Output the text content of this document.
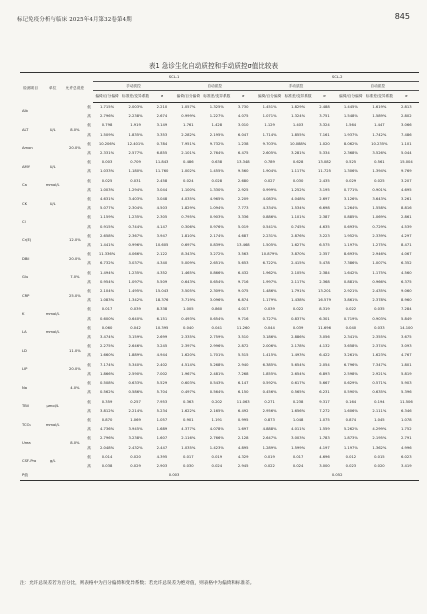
标记免疫分析与临床 2025年4月第32卷第4期	845
表1 急诊生化自动质控和手动质控σ值比较表
检测项目	单位	允许总误差		SCL-1						SCL-2					
				手动质控			自动质控			手动质控			自动质控		
				偏倚/百分偏倚	标准差/变异系数	σ	偏倚/百分偏倚	标准差/变异系数	σ	偏倚/百分偏倚	标准差/变异系数	σ	偏倚/百分偏倚	标准差/变异系数	σ
Alb			低	1.715%	2.003%	2.210	1.057%	1.325%	3.730	1.451%	1.829%	2.488	1.445%	1.619%	2.813
			高	2.796%	2.238%	2.674	0.999%	1.227%	4.075	1.071%	1.324%	3.751	1.548%	1.589%	2.802
ALT	U/L	8.0%	低	0.798	1.919	3.149	1.761	1.428	3.010	1.129	1.403	3.324	1.564	1.447	3.066
			高	1.509%	1.835%	3.353	2.282%	2.195%	6.047	1.714%	1.855%	7.161	1.937%	1.742%	7.486
Amon		20.0%	低	10.206%	12.401%	0.784	7.951%	9.732%	1.238	9.703%	10.088%	1.020	8.062%	10.235%	1.101
			高	2.331%	2.577%	6.855	2.101%	2.764%	6.475	2.605%	3.281%	5.334	2.368%	3.526%	5.044
AMY	U/L		低	0.003	0.709	11.843	0.486	0.638	13.348	0.789	0.628	13.082	0.525	0.561	15.004
			高	1.033%	1.180%	11.760	1.002%	1.455%	9.560	1.904%	1.117%	11.725	1.306%	1.394%	9.769
Ca	mmol/L		低	0.025	0.031	2.458	0.024	0.028	2.680	0.027	0.030	2.435	0.029	0.025	3.207
			高	1.003%	1.294%	3.044	1.100%	1.330%	2.925	0.999%	1.252%	3.195	0.771%	0.901%	4.695
CK	U/L		低	4.631%	3.403%	3.048	4.035%	4.965%	2.209	4.083%	4.048%	2.697	3.126%	3.643%	3.261
			高	5.077%	2.304%	4.503	1.829%	1.094%	7.773	4.334%	1.534%	6.698	1.264%	1.558%	8.816
Cl			低	1.159%	1.235%	2.305	0.795%	0.903%	3.336	0.886%	1.101%	2.387	0.885%	1.069%	2.861
			高	0.915%	0.744%	4.147	0.306%	0.976%	5.019	0.541%	0.745%	4.635	0.693%	0.729%	4.539
Cr(E)		12.0%	低	2.658%	2.367%	3.947	1.810%	2.174%	4.687	2.231%	2.876%	3.223	1.952%	2.339%	4.297
			高	1.441%	0.996%	10.605	0.697%	0.839%	13.468	1.505%	1.627%	6.575	1.197%	1.275%	8.471
DBil		20.0%	低	11.336%	4.066%	2.122	8.343%	3.272%	3.563	10.879%	3.870%	2.357	8.693%	2.946%	4.067
			高	6.732%	3.037%	4.340	5.009%	2.651%	5.653	6.722%	2.415%	5.478	7.386%	1.007%	6.352
Glu		7.0%	低	1.494%	1.235%	4.352	1.465%	0.866%	6.432	1.962%	2.105%	2.384	1.642%	1.175%	4.560
			高	0.954%	1.097%	5.509	0.643%	0.654%	9.716	1.997%	2.117%	2.368	0.881%	0.966%	6.375
CRP		25.0%	低	2.104%	1.495%	15.043	3.505%	2.309%	9.075	1.486%	1.791%	13.201	2.921%	2.435%	9.060
			高	1.083%	1.342%	18.376	3.719%	3.096%	6.874	1.179%	1.438%	16.579	3.861%	2.378%	8.960
K	mmol/L		低	0.017	0.039	8.338	1.005	0.860	4.017	0.039	0.022	8.319	0.022	0.035	7.284
			高	0.600%	0.640%	6.151	0.493%	0.654%	9.716	0.727%	0.837%	6.301	0.719%	0.903%	5.849
LA	mmol/L		低	0.060	0.042	10.395	0.040	0.041	11.260	0.044	0.039	11.696	0.040	0.033	14.100
			高	3.474%	3.159%	2.699	2.335%	2.759%	3.510	3.186%	2.886%	3.056	2.341%	2.355%	3.675
LD		11.0%	低	2.275%	2.646%	3.245	2.397%	2.996%	2.872	2.006%	2.178%	4.132	3.658%	2.374%	3.093
			高	1.660%	1.889%	4.944	1.620%	1.701%	5.515	1.415%	1.493%	6.422	3.261%	1.623%	4.767
LIP		20.0%	低	7.174%	5.340%	2.402	4.514%	5.268%	2.940	6.385%	5.654%	2.054	6.796%	7.347%	1.801
			高	1.866%	2.590%	7.002	1.967%	2.481%	7.268	1.855%	2.654%	6.893	2.598%	2.921%	5.819
Na		4.0%	低	0.508%	0.633%	5.529	0.603%	0.543%	6.147	0.592%	0.617%	5.667	0.629%	0.571%	5.903
			高	0.562%	0.586%	5.704	0.497%	0.564%	6.150	0.456%	0.565%	6.231	0.590%	0.635%	5.396
TBil	μmol/L		低	0.359	0.257	7.953	0.363	0.202	11.063	0.271	0.238	9.317	0.164	0.194	11.506
			高	3.812%	2.214%	5.234	1.622%	2.165%	6.492	2.956%	1.656%	7.272	1.606%	2.111%	6.346
TCO₂	mmol/L		低	0.870	1.069	1.057	0.901	1.191	0.995	0.873	1.048	1.075	0.874	1.045	1.078
			高	4.736%	3.945%	1.689	4.377%	4.078%	1.697	4.888%	4.011%	1.559	5.262%	4.299%	1.752
Urea		8.0%	低	2.796%	3.238%	1.607	2.116%	2.766%	2.128	2.647%	3.003%	1.783	1.873%	2.195%	2.791
			高	2.048%	2.432%	2.447	1.035%	1.423%	4.895	1.289%	1.599%	4.197	1.197%	1.362%	4.996
CSF-Pro	g/L		低	0.014	0.020	4.395	0.017	0.019	4.329	0.019	0.017	4.696	0.012	0.015	6.023
			高	0.038	0.029	2.903	0.030	0.024	2.945	0.022	0.024	3.000	0.023	0.020	3.419
P值				0.003						0.052					
注：允许总误差若为百分比，则表格中为百分偏倚和变异系数；若允许总误差为绝对值，则表格中为偏倚和标准差。
